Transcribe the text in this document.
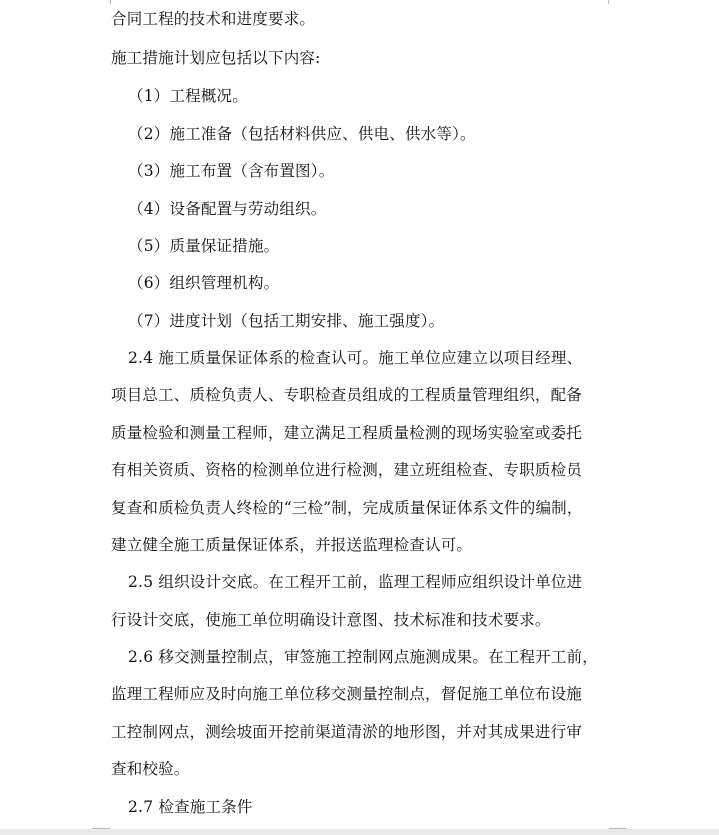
合同工程的技术和进度要求。
施工措施计划应包括以下内容:
（1）工程概况。
（2）施工准备（包括材料供应、供电、供水等）。
（3）施工布置（含布置图）。
（4）设备配置与劳动组织。
（5）质量保证措施。
（6）组织管理机构。
（7）进度计划（包括工期安排、施工强度）。
2.4 施工质量保证体系的检查认可。施工单位应建立以项目经理、
项目总工、质检负责人、专职检查员组成的工程质量管理组织，配备
质量检验和测量工程师，建立满足工程质量检测的现场实验室或委托
有相关资质、资格的检测单位进行检测，建立班组检查、专职质检员
复查和质检负责人终检的“三检”制，完成质量保证体系文件的编制，
建立健全施工质量保证体系，并报送监理检查认可。
2.5 组织设计交底。在工程开工前，监理工程师应组织设计单位进
行设计交底，使施工单位明确设计意图、技术标准和技术要求。
2.6 移交测量控制点，审签施工控制网点施测成果。在工程开工前，
监理工程师应及时向施工单位移交测量控制点，督促施工单位布设施
工控制网点，测绘坡面开挖前渠道清淤的地形图，并对其成果进行审
查和校验。
2.7 检查施工条件
